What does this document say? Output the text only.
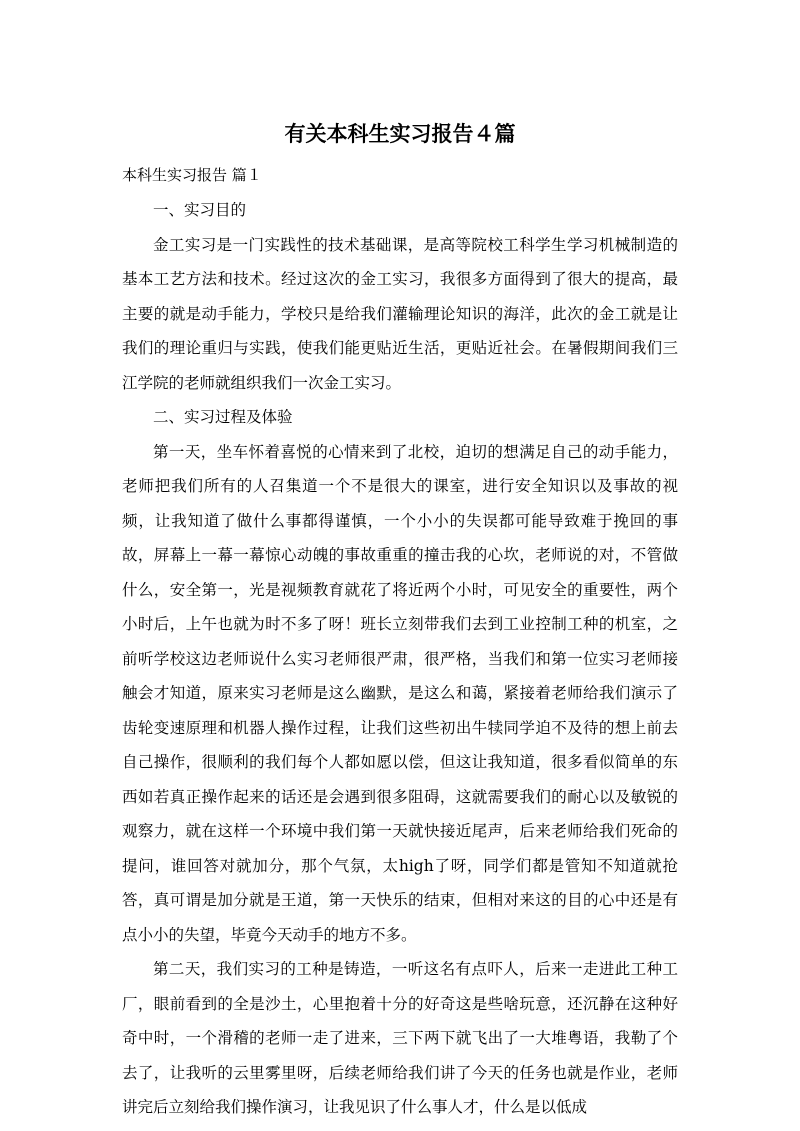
有关本科生实习报告４篇
本科生实习报告 篇１

一、实习目的

金工实习是一门实践性的技术基础课，是高等院校工科学生学习机械制造的基本工艺方法和技术。经过这次的金工实习，我很多方面得到了很大的提高，最主要的就是动手能力，学校只是给我们灌输理论知识的海洋，此次的金工就是让我们的理论重归与实践，使我们能更贴近生活，更贴近社会。在暑假期间我们三江学院的老师就组织我们一次金工实习。

二、实习过程及体验

第一天，坐车怀着喜悦的心情来到了北校，迫切的想满足自己的动手能力，老师把我们所有的人召集道一个不是很大的课室，进行安全知识以及事故的视频，让我知道了做什么事都得谨慎，一个小小的失误都可能导致难于挽回的事故，屏幕上一幕一幕惊心动魄的事故重重的撞击我的心坎，老师说的对，不管做什么，安全第一，光是视频教育就花了将近两个小时，可见安全的重要性，两个小时后，上午也就为时不多了呀！班长立刻带我们去到工业控制工种的机室，之前听学校这边老师说什么实习老师很严肃，很严格，当我们和第一位实习老师接触会才知道，原来实习老师是这么幽默，是这么和蔼，紧接着老师给我们演示了齿轮变速原理和机器人操作过程，让我们这些初出牛犊同学迫不及待的想上前去自己操作，很顺利的我们每个人都如愿以偿，但这让我知道，很多看似简单的东西如若真正操作起来的话还是会遇到很多阻碍，这就需要我们的耐心以及敏锐的观察力，就在这样一个环境中我们第一天就快接近尾声，后来老师给我们死命的提问，谁回答对就加分，那个气氛，太high了呀，同学们都是管知不知道就抢答，真可谓是加分就是王道，第一天快乐的结束，但相对来这的目的心中还是有点小小的失望，毕竟今天动手的地方不多。

第二天，我们实习的工种是铸造，一听这名有点吓人，后来一走进此工种工厂，眼前看到的全是沙土，心里抱着十分的好奇这是些啥玩意，还沉静在这种好奇中时，一个滑稽的老师一走了进来，三下两下就飞出了一大堆粤语，我勒了个去了，让我听的云里雾里呀，后续老师给我们讲了今天的任务也就是作业，老师讲完后立刻给我们操作演习，让我见识了什么事人才，什么是以低成
